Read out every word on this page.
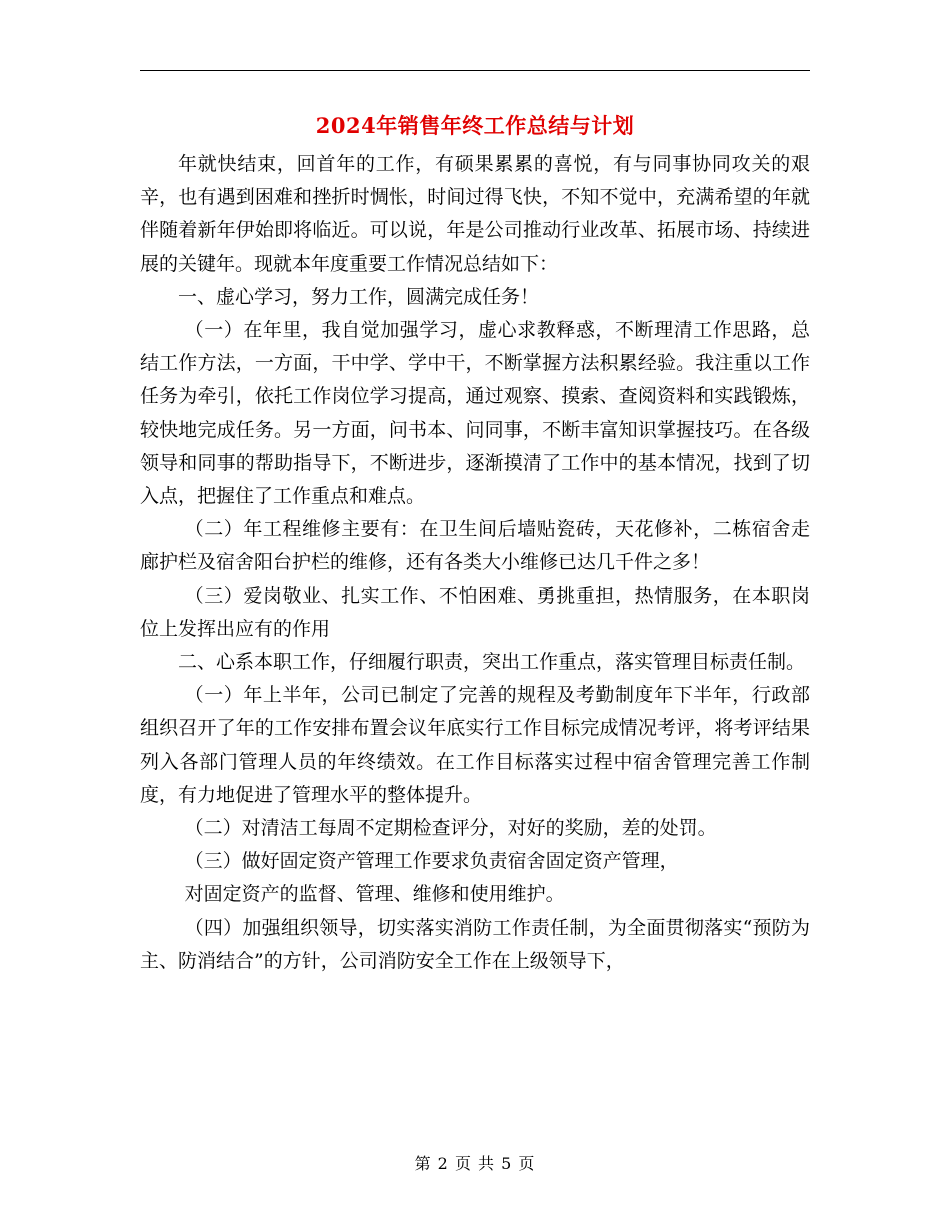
2024年销售年终工作总结与计划

年就快结束，回首年的工作，有硕果累累的喜悦，有与同事协同攻关的艰辛，也有遇到困难和挫折时惆怅，时间过得飞快，不知不觉中，充满希望的年就伴随着新年伊始即将临近。可以说，年是公司推动行业改革、拓展市场、持续进展的关键年。现就本年度重要工作情况总结如下：

一、虚心学习，努力工作，圆满完成任务！

（一）在年里，我自觉加强学习，虚心求教释惑，不断理清工作思路，总结工作方法，一方面，干中学、学中干，不断掌握方法积累经验。我注重以工作任务为牵引，依托工作岗位学习提高，通过观察、摸索、查阅资料和实践锻炼，较快地完成任务。另一方面，问书本、问同事，不断丰富知识掌握技巧。在各级领导和同事的帮助指导下，不断进步，逐渐摸清了工作中的基本情况，找到了切入点，把握住了工作重点和难点。

（二）年工程维修主要有：在卫生间后墙贴瓷砖，天花修补，二栋宿舍走廊护栏及宿舍阳台护栏的维修，还有各类大小维修已达几千件之多！

（三）爱岗敬业、扎实工作、不怕困难、勇挑重担，热情服务，在本职岗位上发挥出应有的作用

二、心系本职工作，仔细履行职责，突出工作重点，落实管理目标责任制。

（一）年上半年，公司已制定了完善的规程及考勤制度年下半年，行政部组织召开了年的工作安排布置会议年底实行工作目标完成情况考评，将考评结果列入各部门管理人员的年终绩效。在工作目标落实过程中宿舍管理完善工作制度，有力地促进了管理水平的整体提升。

（二）对清洁工每周不定期检查评分，对好的奖励，差的处罚。

（三）做好固定资产管理工作要求负责宿舍固定资产管理，

对固定资产的监督、管理、维修和使用维护。

（四）加强组织领导，切实落实消防工作责任制，为全面贯彻落实“预防为主、防消结合”的方针，公司消防安全工作在上级领导下，

第 2 页 共 5 页
